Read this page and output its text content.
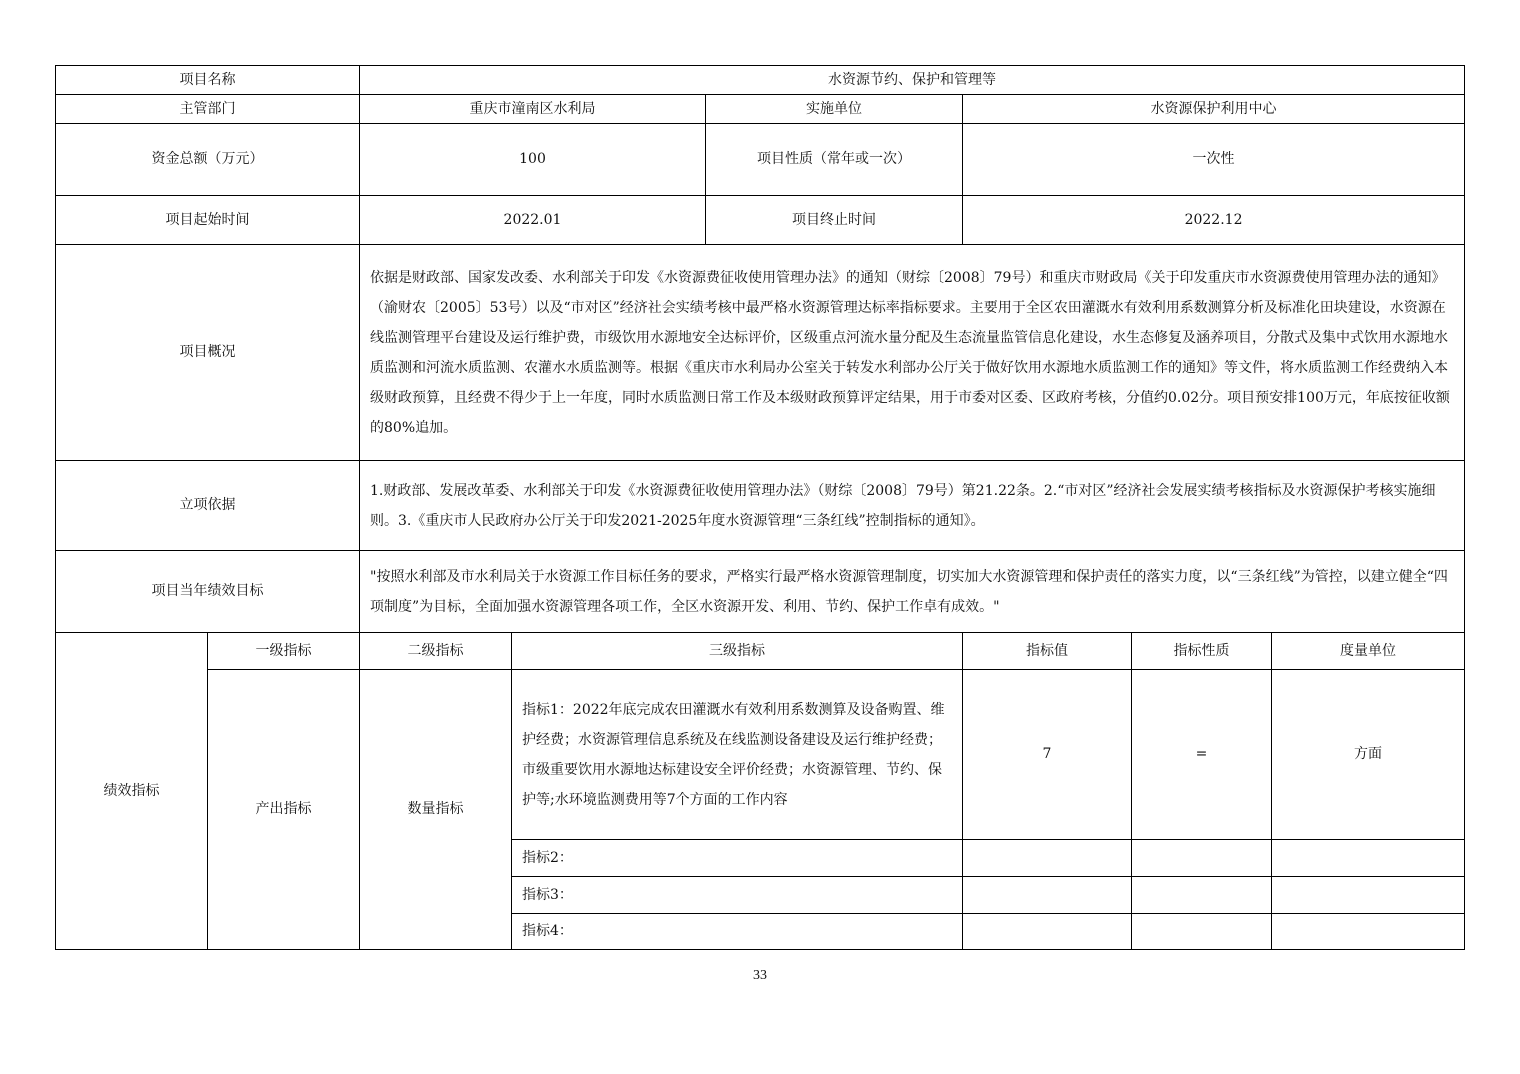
项目名称		水资源节约、保护和管理等					
主管部门		重庆市潼南区水利局		实施单位	水资源保护利用中心		
资金总额（万元）		100		项目性质（常年或一次）	一次性		
项目起始时间		2022.01		项目终止时间	2022.12		
项目概况		依据是财政部、国家发改委、水利部关于印发《水资源费征收使用管理办法》的通知（财综〔2008〕79号）和重庆市财政局《关于印发重庆市水资源费使用管理办法的通知》（渝财农〔2005〕53号）以及“市对区”经济社会实绩考核中最严格水资源管理达标率指标要求。主要用于全区农田灌溉水有效利用系数测算分析及标准化田块建设，水资源在线监测管理平台建设及运行维护费，市级饮用水源地安全达标评价，区级重点河流水量分配及生态流量监管信息化建设，水生态修复及涵养项目，分散式及集中式饮用水源地水质监测和河流水质监测、农灌水水质监测等。根据《重庆市水利局办公室关于转发水利部办公厅关于做好饮用水源地水质监测工作的通知》等文件，将水质监测工作经费纳入本级财政预算，且经费不得少于上一年度，同时水质监测日常工作及本级财政预算评定结果，用于市委对区委、区政府考核，分值约0.02分。项目预安排100万元，年底按征收额的80%追加。					
立项依据		1.财政部、发展改革委、水利部关于印发《水资源费征收使用管理办法》（财综〔2008〕79号）第21.22条。2.“市对区”经济社会发展实绩考核指标及水资源保护考核实施细则。3.《重庆市人民政府办公厅关于印发2021-2025年度水资源管理“三条红线”控制指标的通知》。					
项目当年绩效目标		"按照水利部及市水利局关于水资源工作目标任务的要求，严格实行最严格水资源管理制度，切实加大水资源管理和保护责任的落实力度，以“三条红线”为管控，以建立健全“四项制度”为目标，全面加强水资源管理各项工作，全区水资源开发、利用、节约、保护工作卓有成效。"					
绩效指标	一级指标	二级指标	三级指标		指标值	指标性质	度量单位
	产出指标	数量指标	指标1：2022年底完成农田灌溉水有效利用系数测算及设备购置、维护经费；水资源管理信息系统及在线监测设备建设及运行维护经费；市级重要饮用水源地达标建设安全评价经费；水资源管理、节约、保护等;水环境监测费用等7个方面的工作内容		7	=	方面
			指标2：				
			指标3：				
			指标4：				
33
